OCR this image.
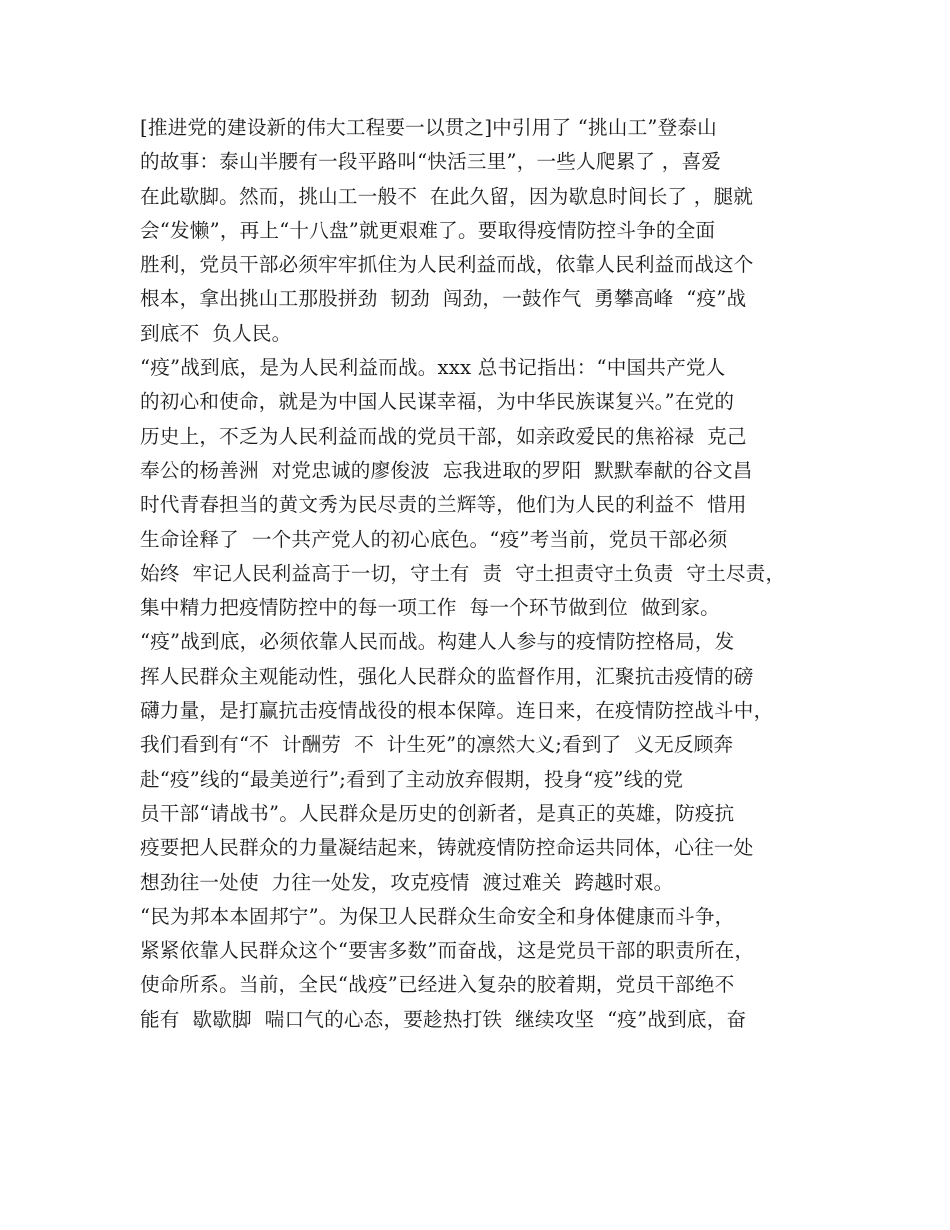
[推进党的建设新的伟大工程要一以贯之]中引用了 “挑山工”登泰山
的故事：泰山半腰有一段平路叫“快活三里”，一些人爬累了 ，喜爱
在此歇脚。然而，挑山工一般不  在此久留，因为歇息时间长了 ，腿就
会“发懒”，再上“十八盘”就更艰难了。要取得疫情防控斗争的全面
胜利，党员干部必须牢牢抓住为人民利益而战，依靠人民利益而战这个
根本，拿出挑山工那股拼劲  韧劲  闯劲，一鼓作气  勇攀高峰  “疫”战
到底不  负人民。
“疫”战到底，是为人民利益而战。xxx 总书记指出：“中国共产党人
的初心和使命，就是为中国人民谋幸福，为中华民族谋复兴。”在党的
历史上，不乏为人民利益而战的党员干部，如亲政爱民的焦裕禄  克己
奉公的杨善洲  对党忠诚的廖俊波  忘我进取的罗阳  默默奉献的谷文昌
时代青春担当的黄文秀为民尽责的兰辉等，他们为人民的利益不  惜用
生命诠释了  一个共产党人的初心底色。“疫”考当前，党员干部必须
始终  牢记人民利益高于一切，守土有  责  守土担责守土负责  守土尽责，
集中精力把疫情防控中的每一项工作  每一个环节做到位  做到家。
“疫”战到底，必须依靠人民而战。构建人人参与的疫情防控格局，发
挥人民群众主观能动性，强化人民群众的监督作用，汇聚抗击疫情的磅
礴力量，是打赢抗击疫情战役的根本保障。连日来，在疫情防控战斗中，
我们看到有“不  计酬劳  不  计生死”的凛然大义;看到了  义无反顾奔
赴“疫”线的“最美逆行”;看到了主动放弃假期，投身“疫”线的党
员干部“请战书”。人民群众是历史的创新者，是真正的英雄，防疫抗
疫要把人民群众的力量凝结起来，铸就疫情防控命运共同体，心往一处
想劲往一处使  力往一处发，攻克疫情  渡过难关  跨越时艰。
“民为邦本本固邦宁”。为保卫人民群众生命安全和身体健康而斗争，
紧紧依靠人民群众这个“要害多数”而奋战，这是党员干部的职责所在，
使命所系。当前，全民“战疫”已经进入复杂的胶着期，党员干部绝不
能有  歇歇脚  喘口气的心态，要趁热打铁  继续攻坚  “疫”战到底，奋
